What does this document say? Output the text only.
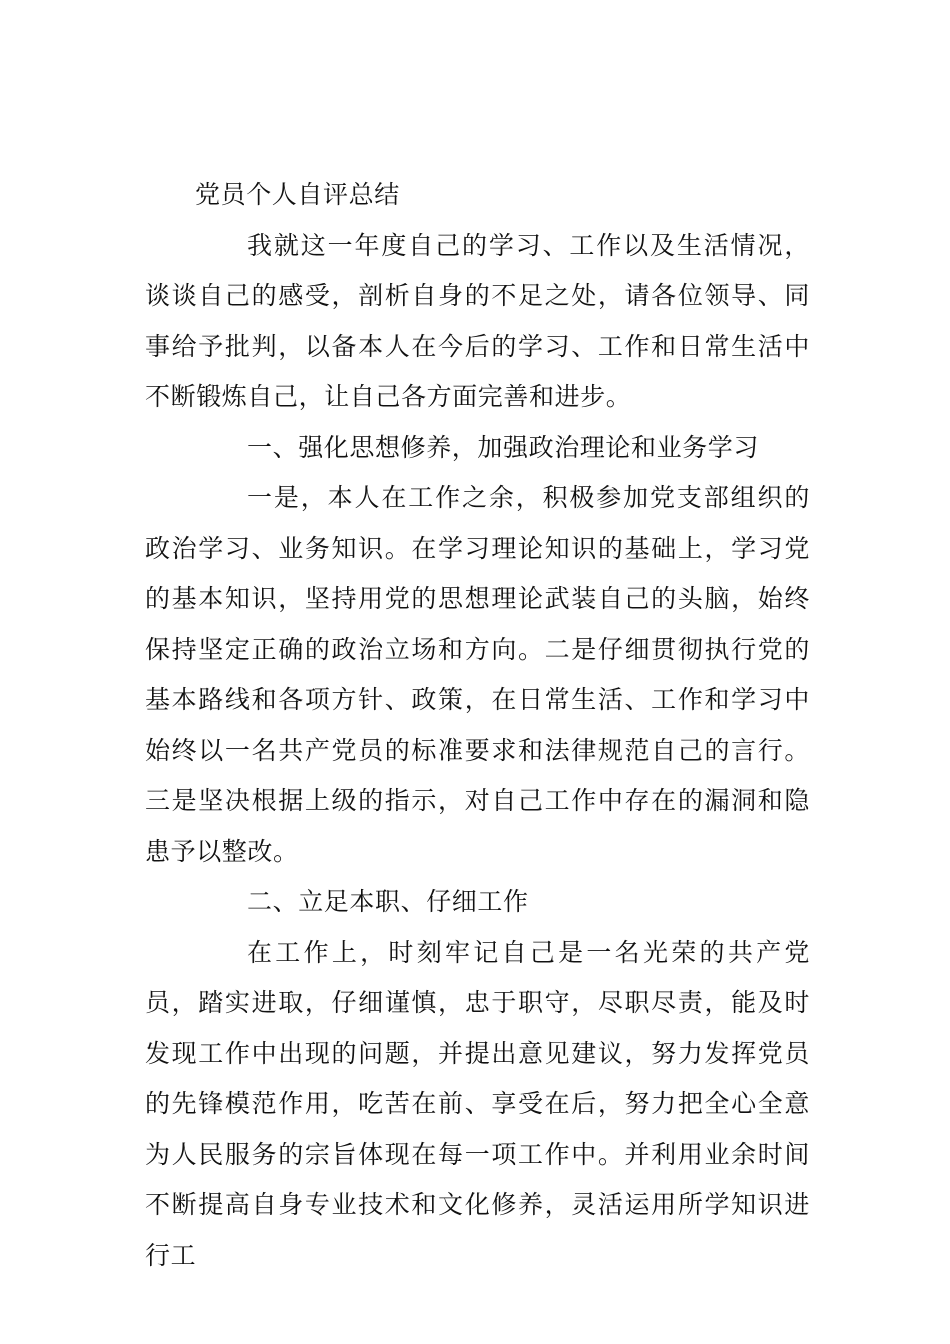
党员个人自评总结

我就这一年度自己的学习、工作以及生活情况，谈谈自己的感受，剖析自身的不足之处，请各位领导、同事给予批判，以备本人在今后的学习、工作和日常生活中不断锻炼自己，让自己各方面完善和进步。

一、强化思想修养，加强政治理论和业务学习

一是，本人在工作之余，积极参加党支部组织的政治学习、业务知识。在学习理论知识的基础上，学习党的基本知识，坚持用党的思想理论武装自己的头脑，始终保持坚定正确的政治立场和方向。二是仔细贯彻执行党的基本路线和各项方针、政策，在日常生活、工作和学习中始终以一名共产党员的标准要求和法律规范自己的言行。三是坚决根据上级的指示，对自己工作中存在的漏洞和隐患予以整改。

二、立足本职、仔细工作

在工作上，时刻牢记自己是一名光荣的共产党员，踏实进取，仔细谨慎，忠于职守，尽职尽责，能及时发现工作中出现的问题，并提出意见建议，努力发挥党员的先锋模范作用，吃苦在前、享受在后，努力把全心全意为人民服务的宗旨体现在每一项工作中。并利用业余时间不断提高自身专业技术和文化修养，灵活运用所学知识进行工
